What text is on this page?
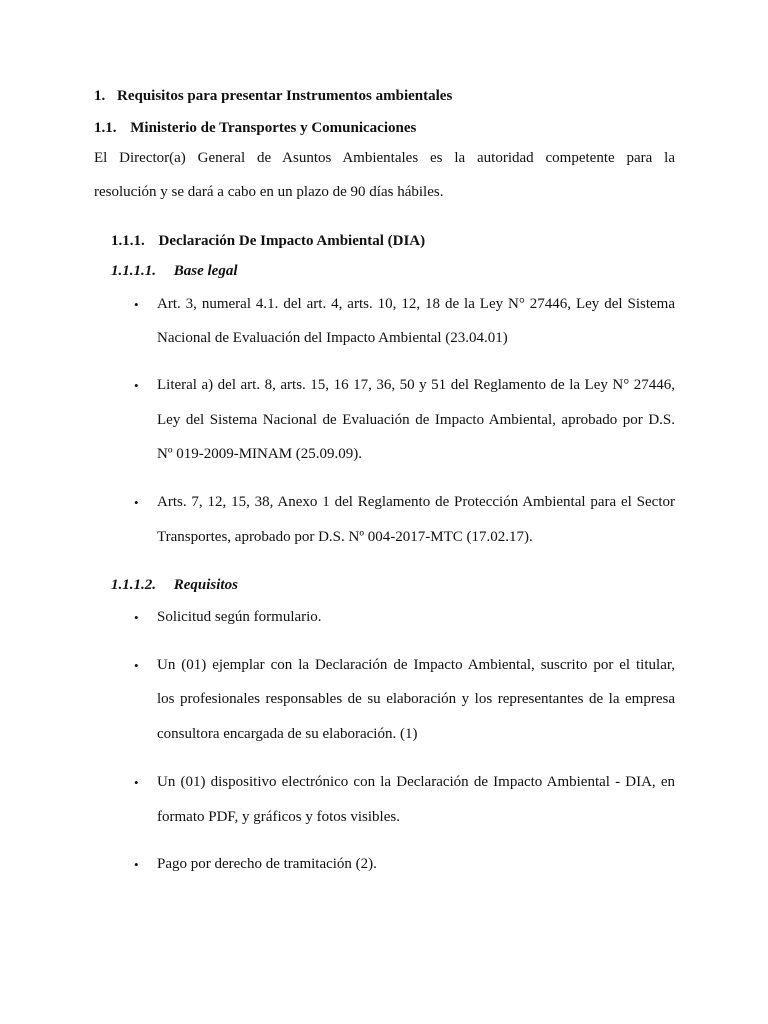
1. Requisitos para presentar Instrumentos ambientales
1.1. Ministerio de Transportes y Comunicaciones
El Director(a) General de Asuntos Ambientales es la autoridad competente para la
resolución y se dará a cabo en un plazo de 90 días hábiles.
1.1.1. Declaración De Impacto Ambiental (DIA)
1.1.1.1. Base legal
• Art. 3, numeral 4.1. del art. 4, arts. 10, 12, 18 de la Ley N° 27446, Ley del Sistema
Nacional de Evaluación del Impacto Ambiental (23.04.01)
• Literal a) del art. 8, arts. 15, 16 17, 36, 50 y 51 del Reglamento de la Ley N° 27446,
Ley del Sistema Nacional de Evaluación de Impacto Ambiental, aprobado por D.S.
Nº 019-2009-MINAM (25.09.09).
• Arts. 7, 12, 15, 38, Anexo 1 del Reglamento de Protección Ambiental para el Sector
Transportes, aprobado por D.S. Nº 004-2017-MTC (17.02.17).
1.1.1.2. Requisitos
• Solicitud según formulario.
• Un (01) ejemplar con la Declaración de Impacto Ambiental, suscrito por el titular,
los profesionales responsables de su elaboración y los representantes de la empresa
consultora encargada de su elaboración. (1)
• Un (01) dispositivo electrónico con la Declaración de Impacto Ambiental - DIA, en
formato PDF, y gráficos y fotos visibles.
• Pago por derecho de tramitación (2).
